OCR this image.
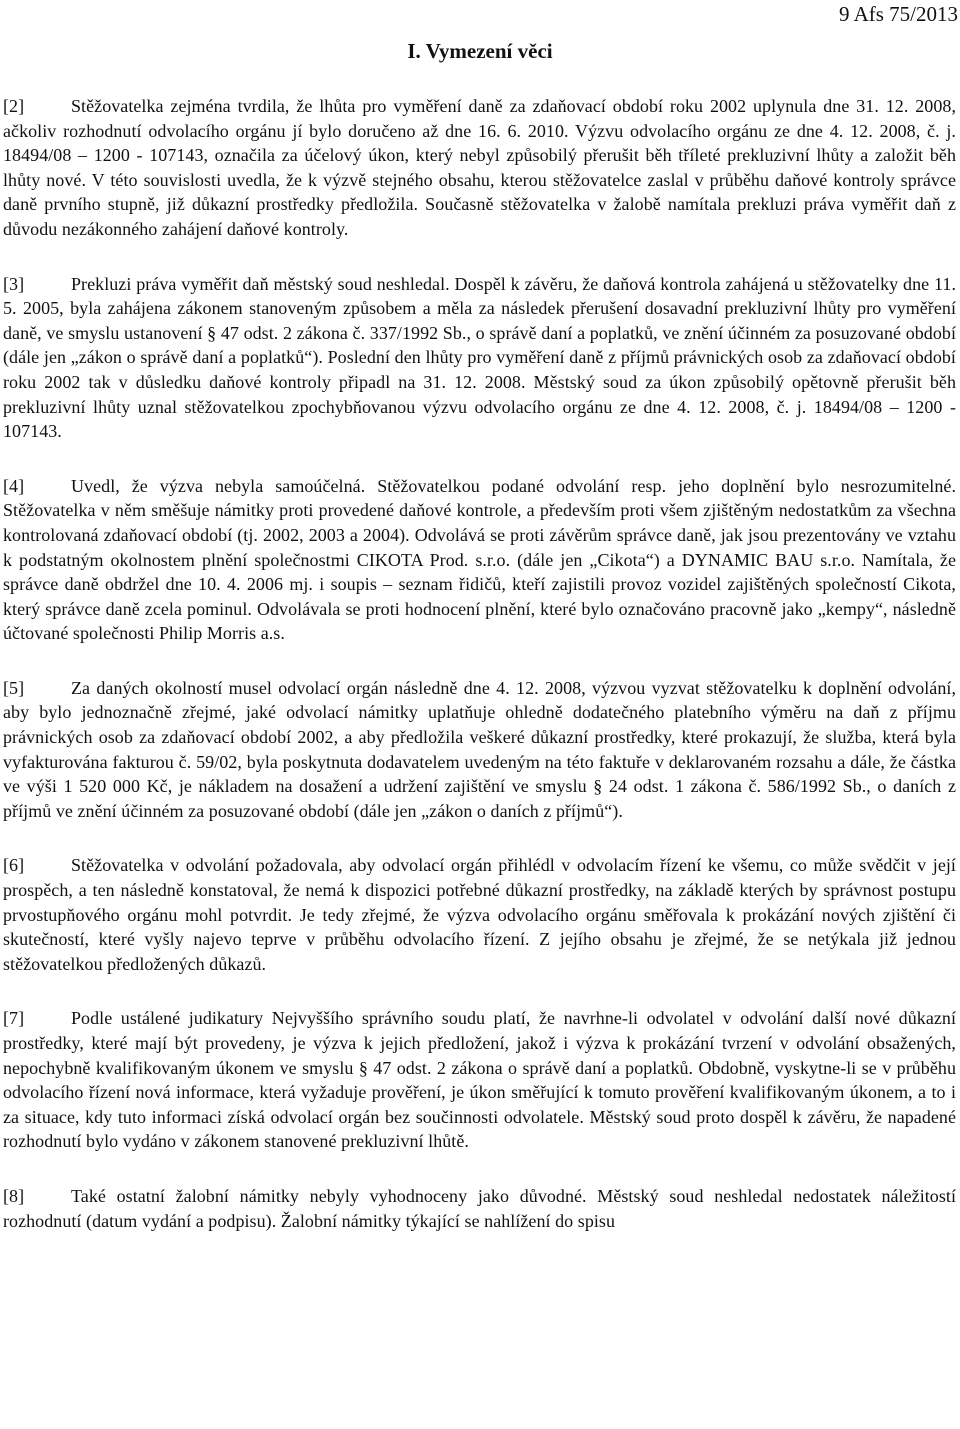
9 Afs 75/2013
I. Vymezení věci

[2]	Stěžovatelka zejména tvrdila, že lhůta pro vyměření daně za zdaňovací období roku 2002 uplynula dne 31. 12. 2008, ačkoliv rozhodnutí odvolacího orgánu jí bylo doručeno až dne 16. 6. 2010. Výzvu odvolacího orgánu ze dne 4. 12. 2008, č. j. 18494/08 – 1200 - 107143, označila za účelový úkon, který nebyl způsobilý přerušit běh tříleté prekluzivní lhůty a založit běh lhůty nové. V této souvislosti uvedla, že k výzvě stejného obsahu, kterou stěžovatelce zaslal v průběhu daňové kontroly správce daně prvního stupně, již důkazní prostředky předložila. Současně stěžovatelka v žalobě namítala prekluzi práva vyměřit daň z důvodu nezákonného zahájení daňové kontroly.

[3]	Prekluzi práva vyměřit daň městský soud neshledal. Dospěl k závěru, že daňová kontrola zahájená u stěžovatelky dne 11. 5. 2005, byla zahájena zákonem stanoveným způsobem a měla za následek přerušení dosavadní prekluzivní lhůty pro vyměření daně, ve smyslu ustanovení § 47 odst. 2 zákona č. 337/1992 Sb., o správě daní a poplatků, ve znění účinném za posuzované období (dále jen „zákon o správě daní a poplatků“). Poslední den lhůty pro vyměření daně z příjmů právnických osob za zdaňovací období roku 2002 tak v důsledku daňové kontroly připadl na 31. 12. 2008. Městský soud za úkon způsobilý opětovně přerušit běh prekluzivní lhůty uznal stěžovatelkou zpochybňovanou výzvu odvolacího orgánu ze dne 4. 12. 2008, č. j. 18494/08 – 1200 - 107143.

[4]	Uvedl, že výzva nebyla samoúčelná. Stěžovatelkou podané odvolání resp. jeho doplnění bylo nesrozumitelné. Stěžovatelka v něm směšuje námitky proti provedené daňové kontrole, a především proti všem zjištěným nedostatkům za všechna kontrolovaná zdaňovací období (tj. 2002, 2003 a 2004). Odvolává se proti závěrům správce daně, jak jsou prezentovány ve vztahu k podstatným okolnostem plnění společnostmi CIKOTA Prod. s.r.o. (dále jen „Cikota“) a DYNAMIC BAU s.r.o. Namítala, že správce daně obdržel dne 10. 4. 2006 mj. i soupis – seznam řidičů, kteří zajistili provoz vozidel zajištěných společností Cikota, který správce daně zcela pominul. Odvolávala se proti hodnocení plnění, které bylo označováno pracovně jako „kempy“, následně účtované společnosti Philip Morris a.s.

[5]	Za daných okolností musel odvolací orgán následně dne 4. 12. 2008, výzvou vyzvat stěžovatelku k doplnění odvolání, aby bylo jednoznačně zřejmé, jaké odvolací námitky uplatňuje ohledně dodatečného platebního výměru na daň z příjmu právnických osob za zdaňovací období 2002, a aby předložila veškeré důkazní prostředky, které prokazují, že služba, která byla vyfakturována fakturou č. 59/02, byla poskytnuta dodavatelem uvedeným na této faktuře v deklarovaném rozsahu a dále, že částka ve výši 1 520 000 Kč, je nákladem na dosažení a udržení zajištění ve smyslu § 24 odst. 1 zákona č. 586/1992 Sb., o daních z příjmů ve znění účinném za posuzované období (dále jen „zákon o daních z příjmů“).

[6]	Stěžovatelka v odvolání požadovala, aby odvolací orgán přihlédl v odvolacím řízení ke všemu, co může svědčit v její prospěch, a ten následně konstatoval, že nemá k dispozici potřebné důkazní prostředky, na základě kterých by správnost postupu prvostupňového orgánu mohl potvrdit. Je tedy zřejmé, že výzva odvolacího orgánu směřovala k prokázání nových zjištění či skutečností, které vyšly najevo teprve v průběhu odvolacího řízení. Z jejího obsahu je zřejmé, že se netýkala již jednou stěžovatelkou předložených důkazů.

[7]	Podle ustálené judikatury Nejvyššího správního soudu platí, že navrhne-li odvolatel v odvolání další nové důkazní prostředky, které mají být provedeny, je výzva k jejich předložení, jakož i výzva k prokázání tvrzení v odvolání obsažených, nepochybně kvalifikovaným úkonem ve smyslu § 47 odst. 2 zákona o správě daní a poplatků. Obdobně, vyskytne-li se v průběhu odvolacího řízení nová informace, která vyžaduje prověření, je úkon směřující k tomuto prověření kvalifikovaným úkonem, a to i za situace, kdy tuto informaci získá odvolací orgán bez součinnosti odvolatele. Městský soud proto dospěl k závěru, že napadené rozhodnutí bylo vydáno v zákonem stanovené prekluzivní lhůtě.

[8]	Také ostatní žalobní námitky nebyly vyhodnoceny jako důvodné. Městský soud neshledal nedostatek náležitostí rozhodnutí (datum vydání a podpisu). Žalobní námitky týkající se nahlížení do spisu
